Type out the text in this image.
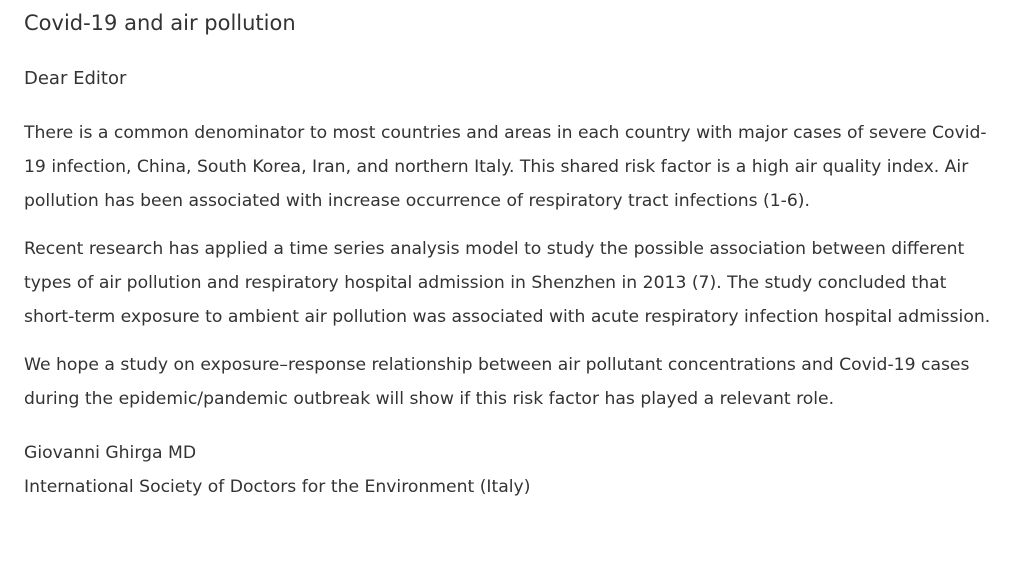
Covid-19 and air pollution

Dear Editor

There is a common denominator to most countries and areas in each country with major cases of severe Covid-19 infection, China, South Korea, Iran, and northern Italy. This shared risk factor is a high air quality index. Air pollution has been associated with increase occurrence of respiratory tract infections (1-6).

Recent research has applied a time series analysis model to study the possible association between different types of air pollution and respiratory hospital admission in Shenzhen in 2013 (7). The study concluded that short-term exposure to ambient air pollution was associated with acute respiratory infection hospital admission.

We hope a study on exposure–response relationship between air pollutant concentrations and Covid-19 cases during the epidemic/pandemic outbreak will show if this risk factor has played a relevant role.

Giovanni Ghirga MD
International Society of Doctors for the Environment (Italy)
